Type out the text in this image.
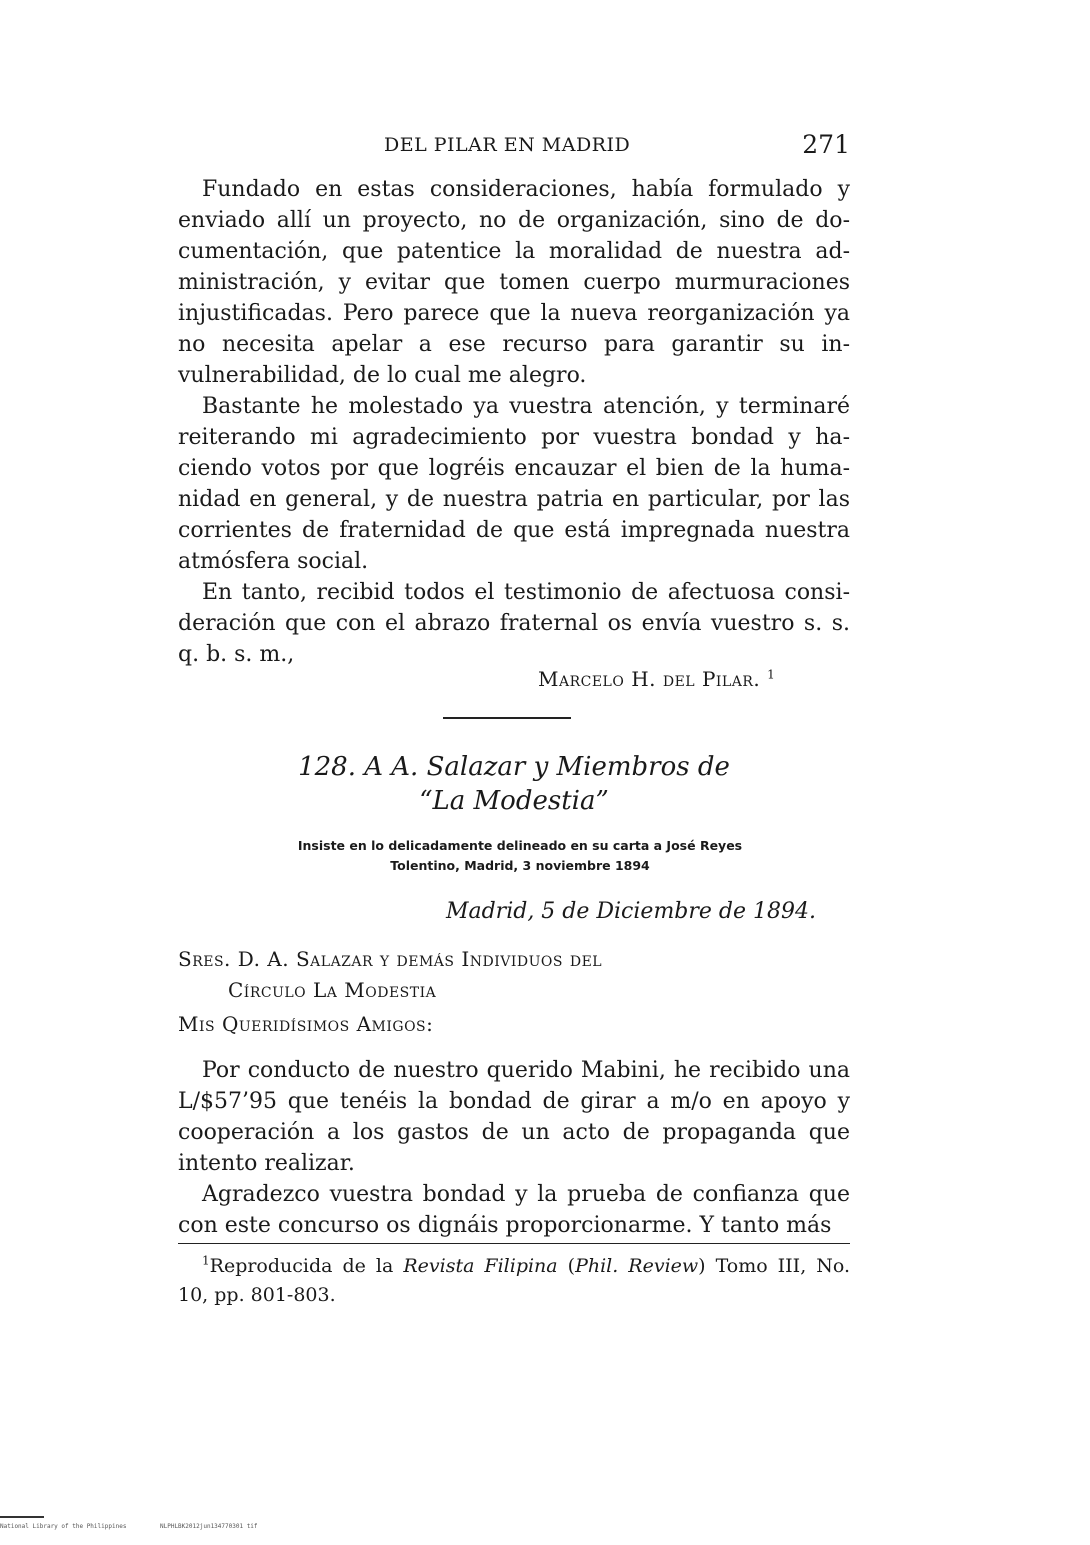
DEL PILAR EN MADRID	271

Fundado en estas consideraciones, había formulado y enviado allí un proyecto, no de organización, sino de documentación, que patentice la moralidad de nuestra administración, y evitar que tomen cuerpo murmuraciones injustificadas. Pero parece que la nueva reorganización ya no necesita apelar a ese recurso para garantir su invulnerabilidad, de lo cual me alegro.

Bastante he molestado ya vuestra atención, y terminaré reiterando mi agradecimiento por vuestra bondad y haciendo votos por que logréis encauzar el bien de la humanidad en general, y de nuestra patria en particular, por las corrientes de fraternidad de que está impregnada nuestra atmósfera social.

En tanto, recibid todos el testimonio de afectuosa consideración que con el abrazo fraternal os envía vuestro s. s. q. b. s. m.,

Marcelo H. del Pilar. $^1$
128. A A. Salazar y Miembros de
“La Modestia”
Insiste en lo delicadamente delineado en su carta a José Reyes
Tolentino, Madrid, 3 noviembre 1894
Madrid, 5 de Diciembre de 1894.
Sres. D. A. Salazar y demás Individuos del
Círculo La Modestia
Mis Queridísimos Amigos:

Por conducto de nuestro querido Mabini, he recibido una L/$57’95 que tenéis la bondad de girar a m/o en apoyo y cooperación a los gastos de un acto de propaganda que intento realizar.

Agradezco vuestra bondad y la prueba de confianza que con este concurso os dignáis proporcionarme. Y tanto más

$^1$Reproducida de la Revista Filipina (Phil. Review) Tomo III, No. 10, pp. 801-803.

National Library of the Philippines	NLPHLBK2012jun134770301 tif
